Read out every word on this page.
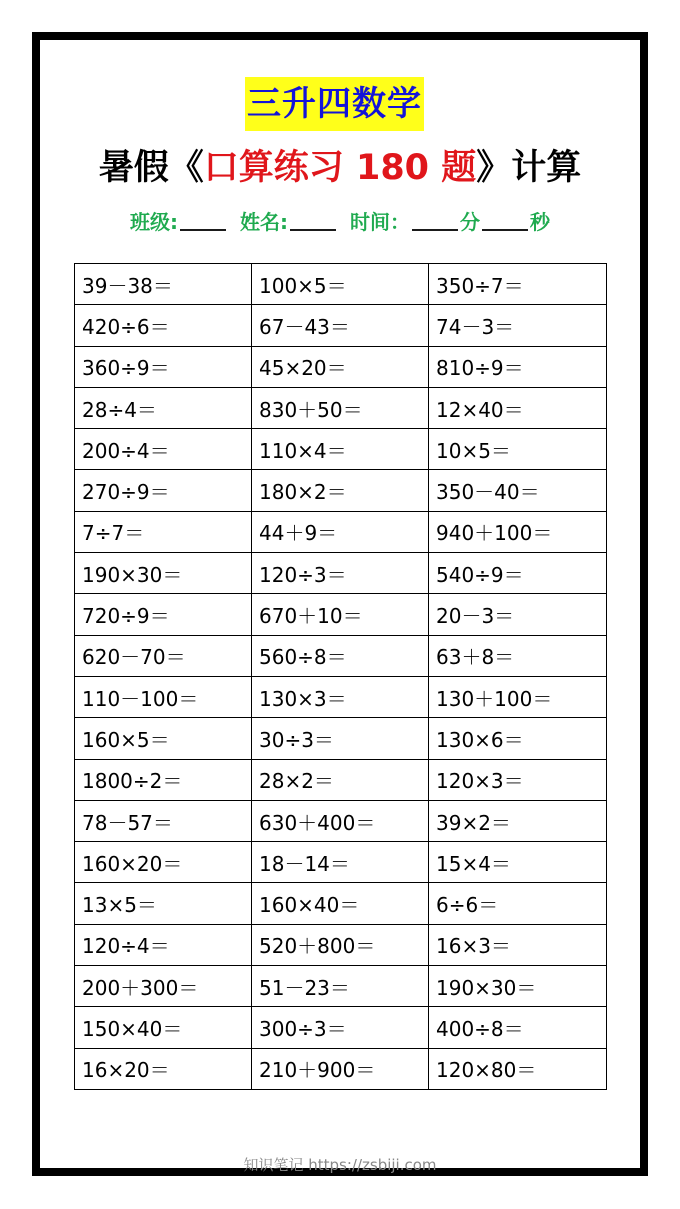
三升四数学
暑假《口算练习 180 题》计算
班级:	姓名:	时间：	分	秒
39－38＝	100×5＝	350÷7＝
420÷6＝	67－43＝	74－3＝
360÷9＝	45×20＝	810÷9＝
28÷4＝	830＋50＝	12×40＝
200÷4＝	110×4＝	10×5＝
270÷9＝	180×2＝	350－40＝
7÷7＝	44＋9＝	940＋100＝
190×30＝	120÷3＝	540÷9＝
720÷9＝	670＋10＝	20－3＝
620－70＝	560÷8＝	63＋8＝
110－100＝	130×3＝	130＋100＝
160×5＝	30÷3＝	130×6＝
1800÷2＝	28×2＝	120×3＝
78－57＝	630＋400＝	39×2＝
160×20＝	18－14＝	15×4＝
13×5＝	160×40＝	6÷6＝
120÷4＝	520＋800＝	16×3＝
200＋300＝	51－23＝	190×30＝
150×40＝	300÷3＝	400÷8＝
16×20＝	210＋900＝	120×80＝
知识笔记 https://zsbiji.com
